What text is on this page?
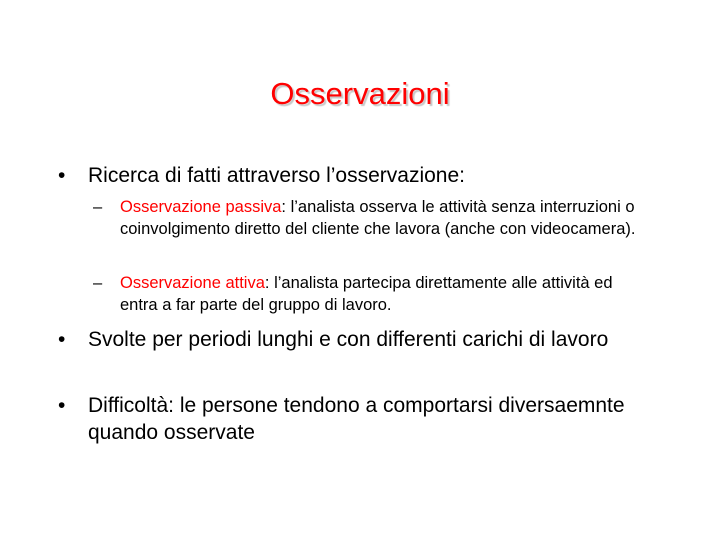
Osservazioni
• Ricerca di fatti attraverso l’osservazione:
– Osservazione passiva: l’analista osserva le attività senza interruzioni o coinvolgimento diretto del cliente che lavora (anche con videocamera).
– Osservazione attiva: l’analista partecipa direttamente alle attività ed entra a far parte del gruppo di lavoro.
• Svolte per periodi lunghi e con differenti carichi di lavoro
• Difficoltà: le persone tendono a comportarsi diversaemnte quando osservate
